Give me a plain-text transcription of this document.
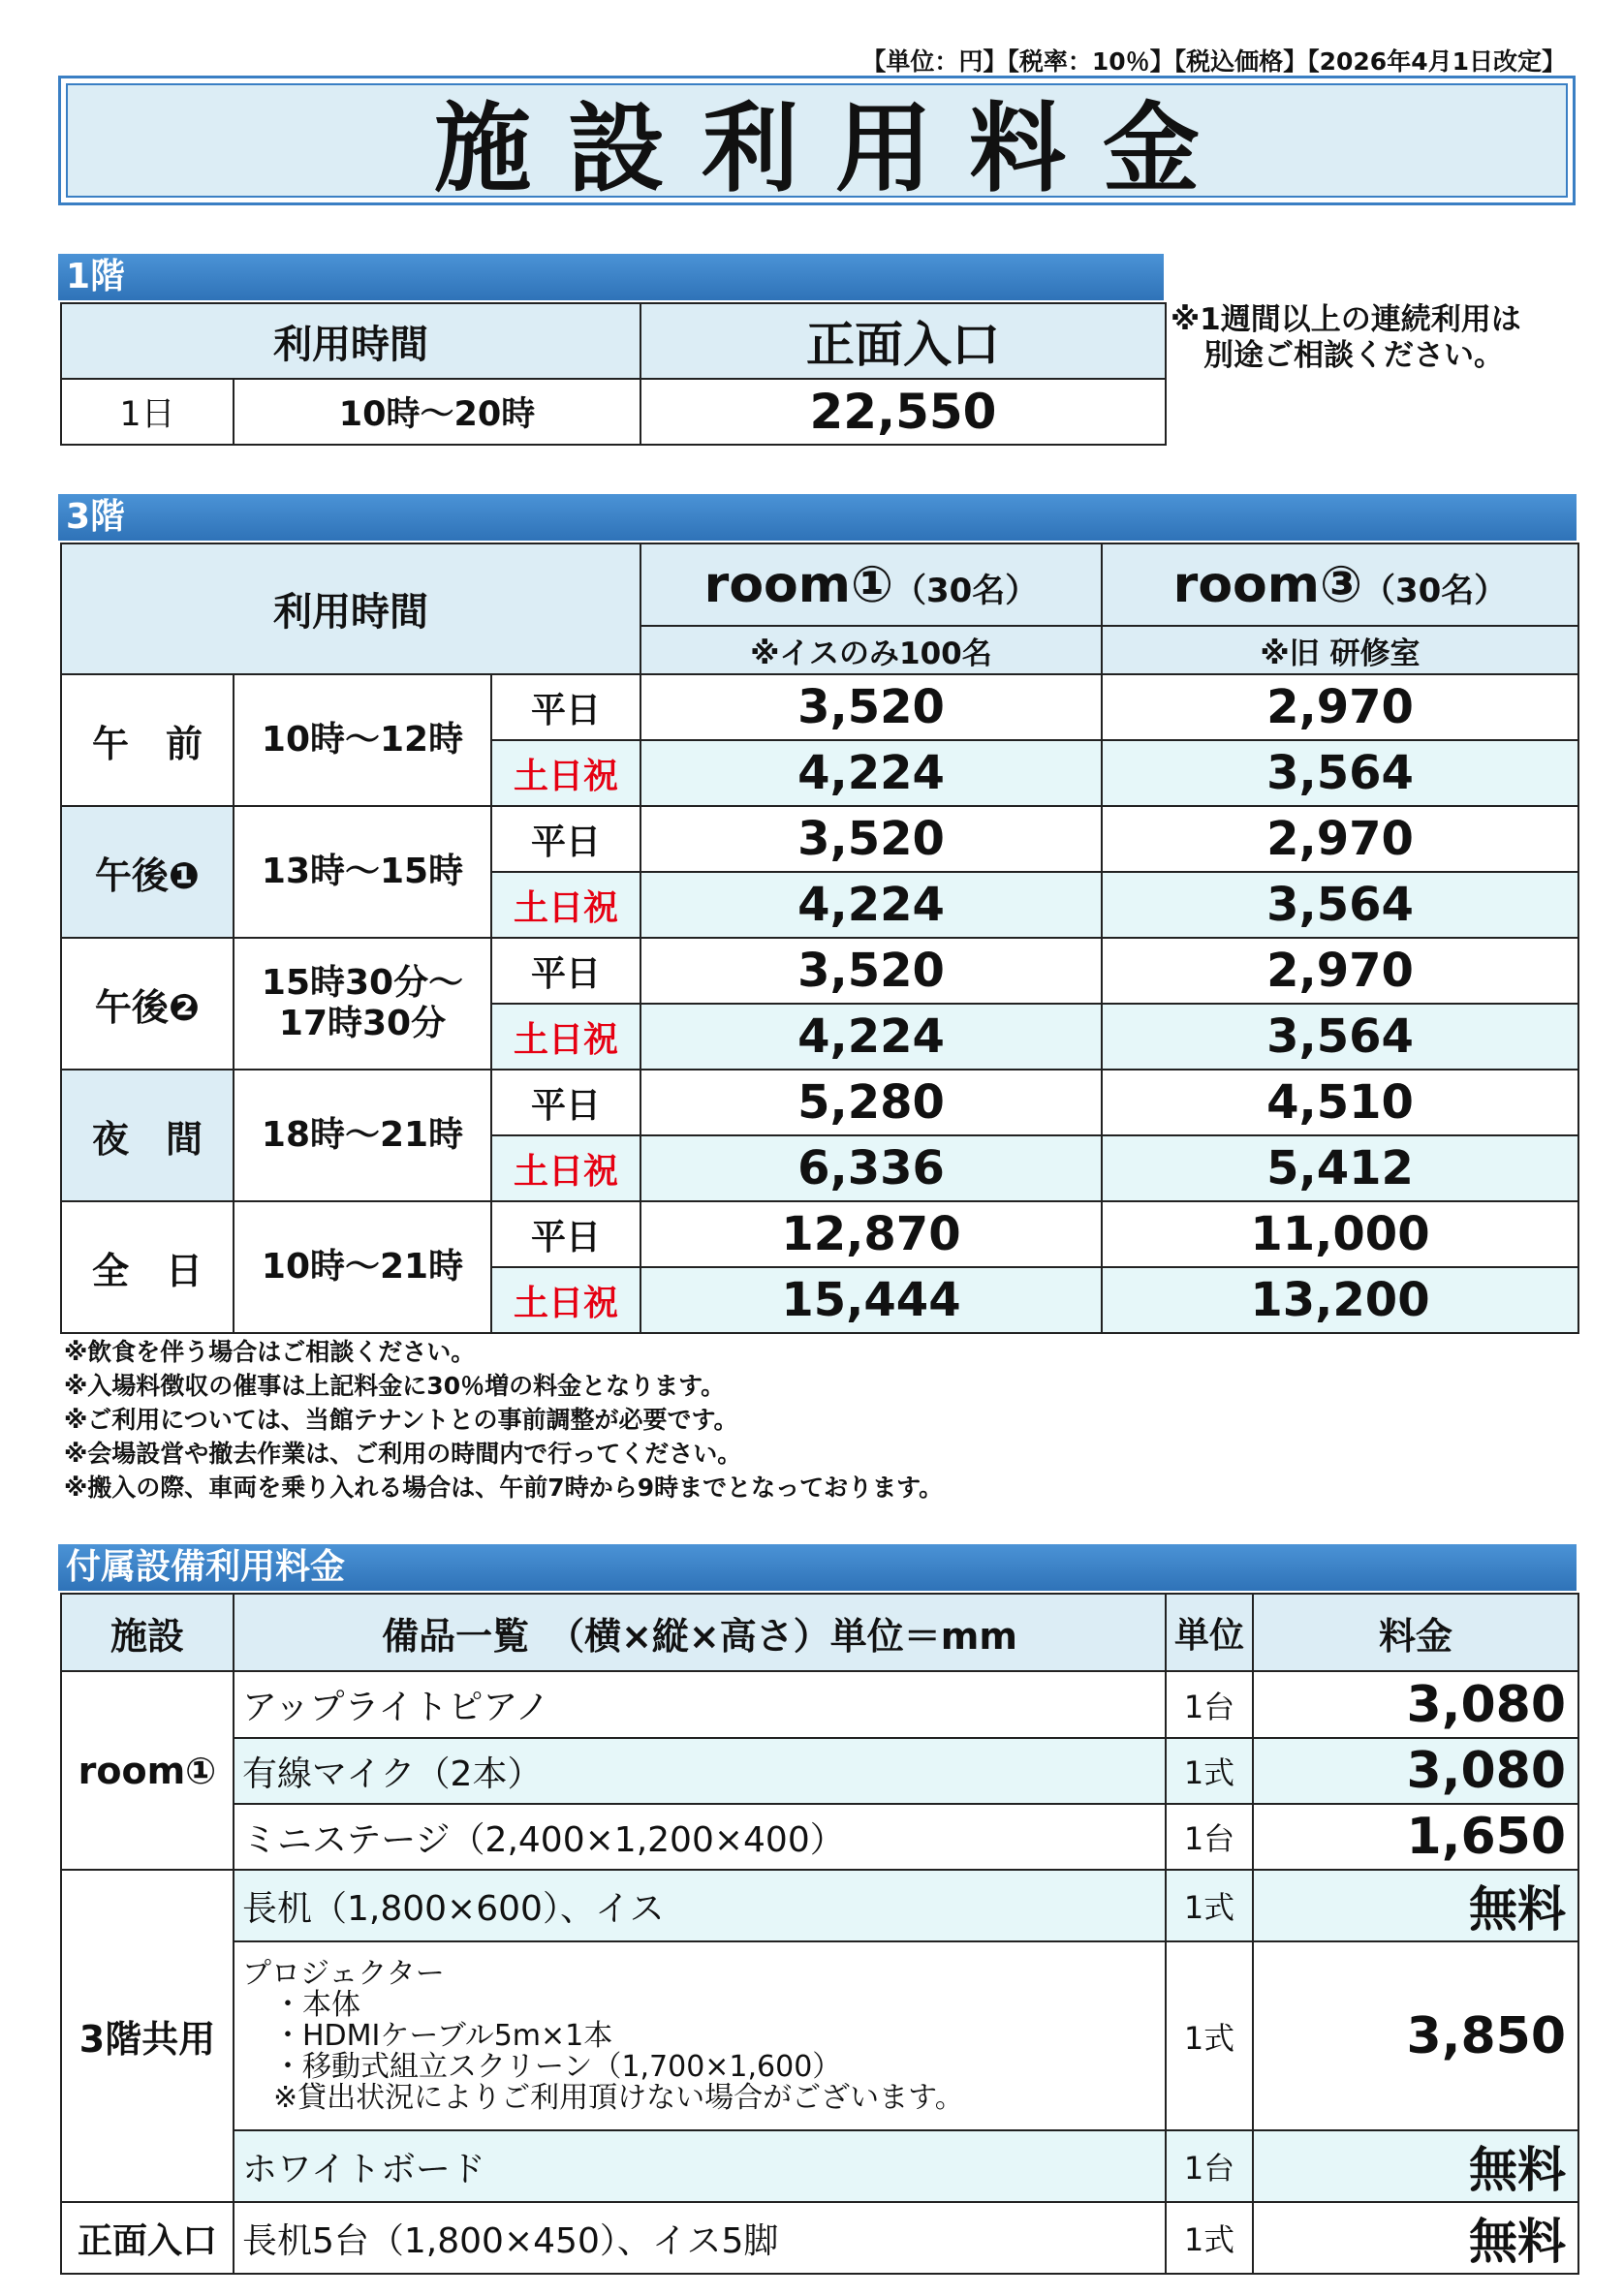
【単位：円】【税率：10％】【税込価格】【2026年4月1日改定】
施設利用料金
1階
利用時間		正面入口
1日	10時～20時	22,550
※1週間以上の連続利用は
別途ご相談ください。
3階
利用時間			room①（30名）	room③（30名）
			※イスのみ100名	※旧 研修室
午　前	10時～12時	平日	3,520	2,970
		土日祝	4,224	3,564
午後❶	13時～15時	平日	3,520	2,970
		土日祝	4,224	3,564
午後❷	15時30分～
17時30分	平日	3,520	2,970
		土日祝	4,224	3,564
夜　間	18時～21時	平日	5,280	4,510
		土日祝	6,336	5,412
全　日	10時～21時	平日	12,870	11,000
		土日祝	15,444	13,200
※飲食を伴う場合はご相談ください。
※入場料徴収の催事は上記料金に30％増の料金となります。
※ご利用については、当館テナントとの事前調整が必要です。
※会場設営や撤去作業は、ご利用の時間内で行ってください。
※搬入の際、車両を乗り入れる場合は、午前7時から9時までとなっております。
付属設備利用料金
施設	備品一覧　（横×縦×高さ）単位＝mm	単位	料金
room①	アップライトピアノ	1台	3,080
	有線マイク（2本）	1式	3,080
	ミニステージ（2,400×1,200×400）	1台	1,650
3階共用	長机（1,800×600）、イス	1式	無料

	プロジェクター
・本体
・HDMIケーブル5m×1本
・移動式組立スクリーン（1,700×1,600）
※貸出状況によりご利用頂けない場合がございます。	1式	3,850
	ホワイトボード	1台	無料
正面入口	長机5台（1,800×450）、イス5脚	1式	無料
